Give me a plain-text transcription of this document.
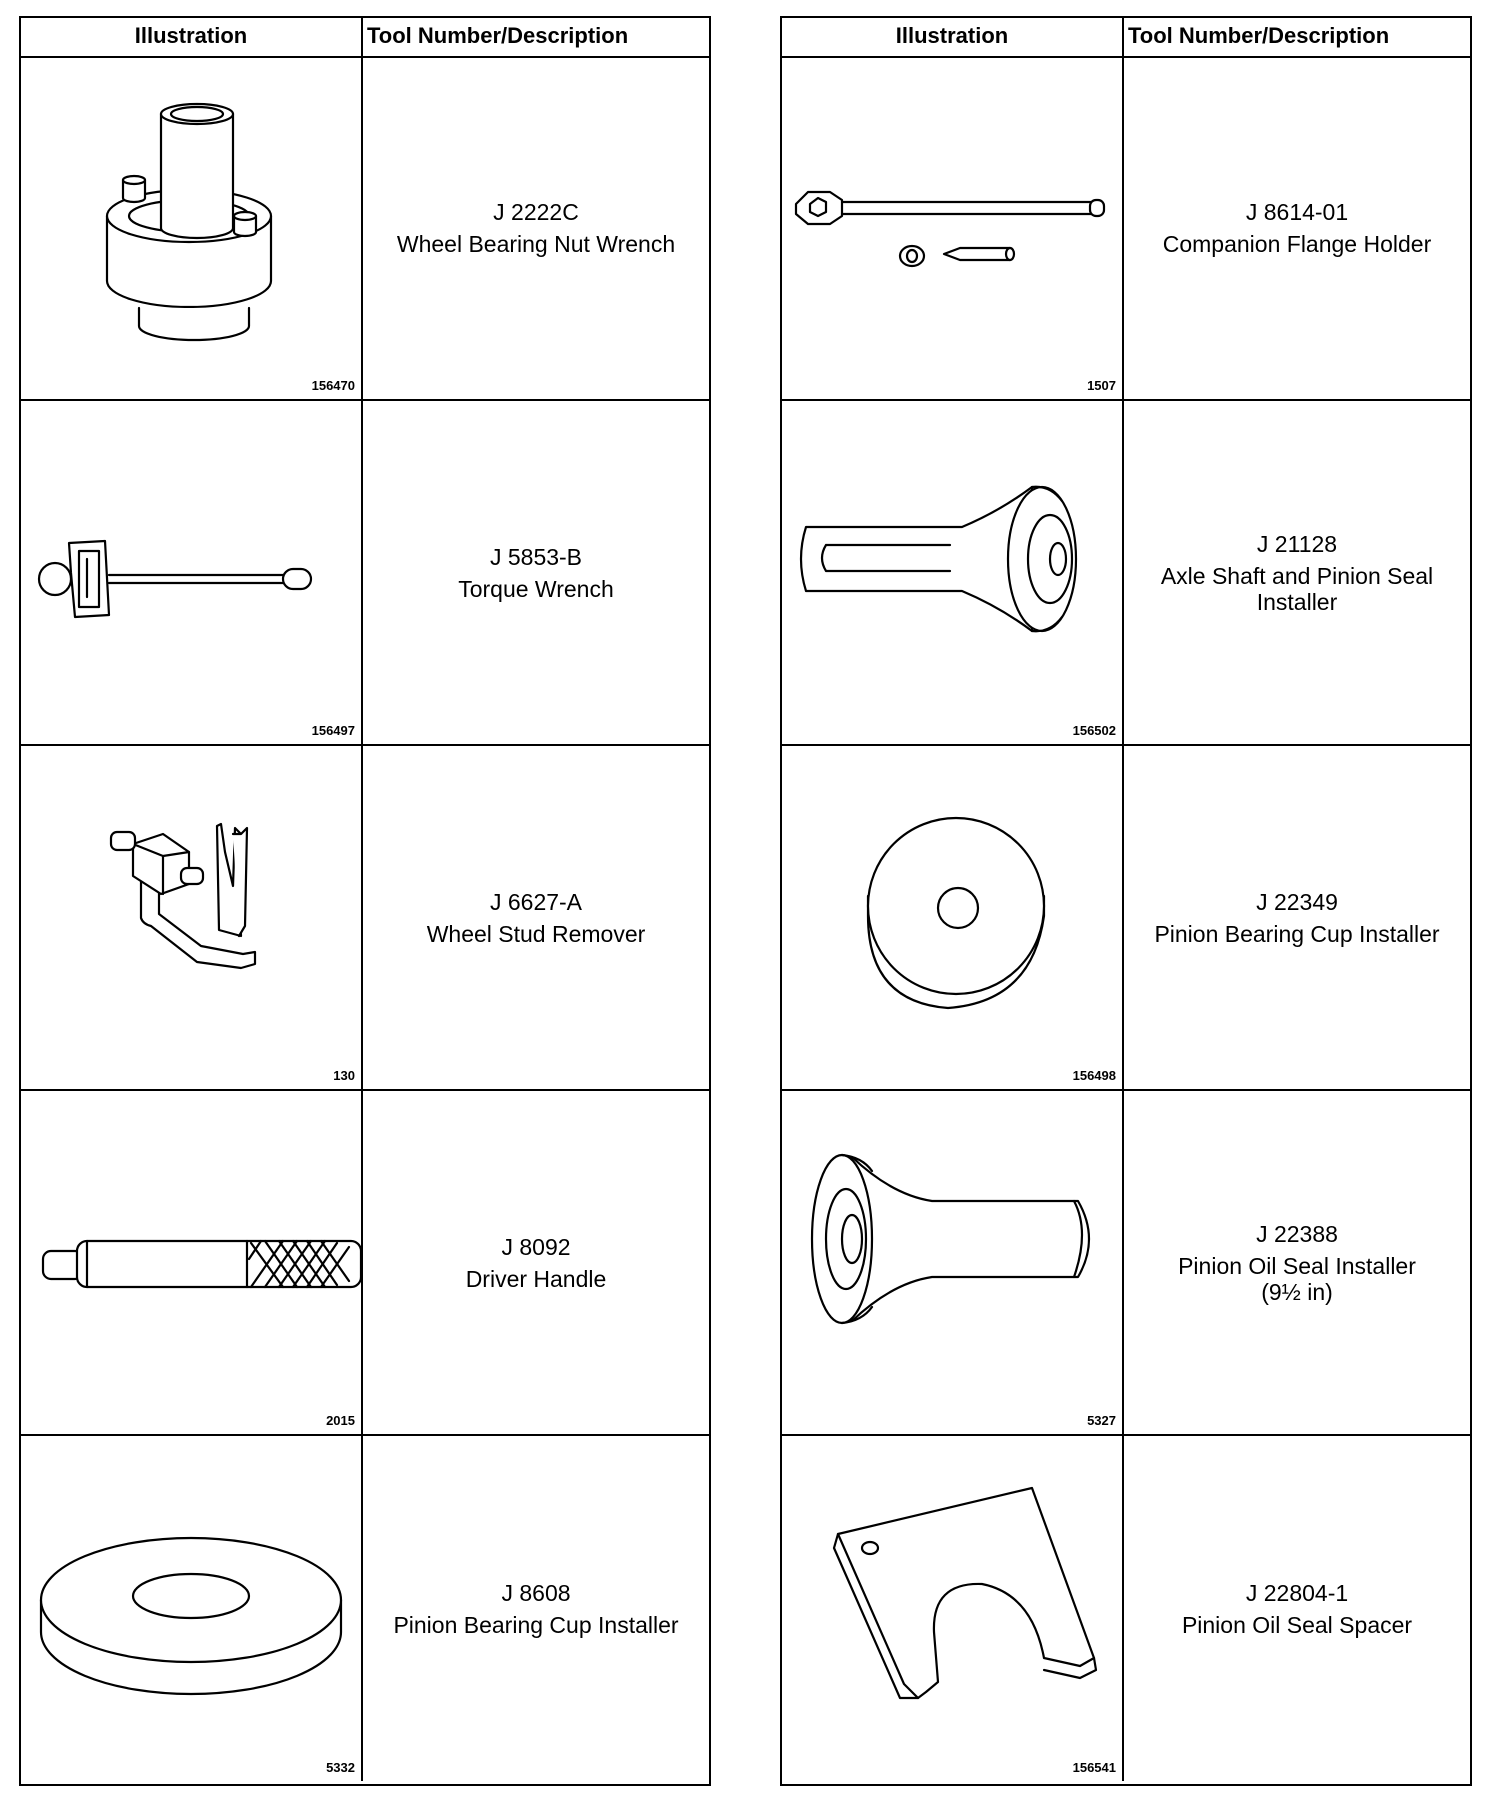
Illustration	Tool Number/Description
156470
J 2222C
Wheel Bearing Nut Wrench
156497
J 5853-B
Torque Wrench
130
J 6627-A
Wheel Stud Remover
2015
J 8092
Driver Handle
5332
J 8608
Pinion Bearing Cup Installer
Illustration	Tool Number/Description
1507
J 8614-01
Companion Flange Holder
156502
J 21128
Axle Shaft and Pinion Seal
Installer
156498
J 22349
Pinion Bearing Cup Installer
5327
J 22388
Pinion Oil Seal Installer
(9½ in)
156541
J 22804-1
Pinion Oil Seal Spacer
